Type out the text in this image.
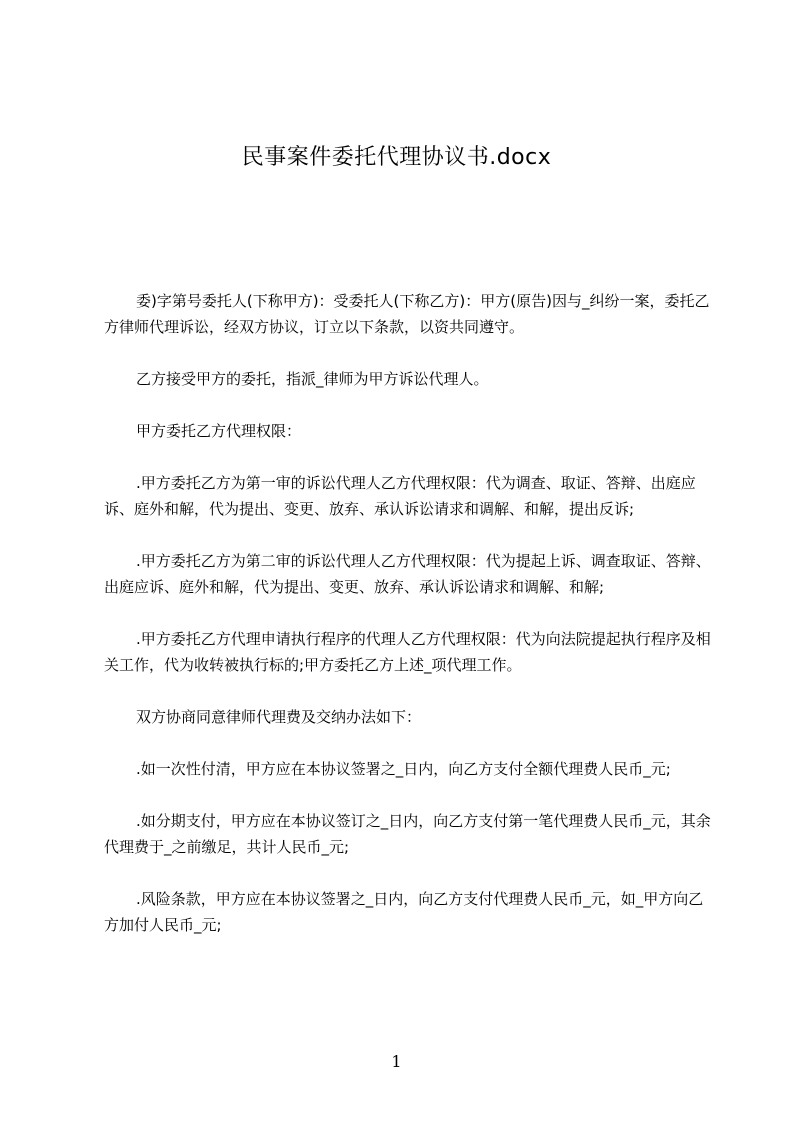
民事案件委托代理协议书.docx

委)字第号委托人(下称甲方)：受委托人(下称乙方)：甲方(原告)因与_纠纷一案，委托乙方律师代理诉讼，经双方协议，订立以下条款，以资共同遵守。

乙方接受甲方的委托，指派_律师为甲方诉讼代理人。

甲方委托乙方代理权限：

.甲方委托乙方为第一审的诉讼代理人乙方代理权限：代为调查、取证、答辩、出庭应诉、庭外和解，代为提出、变更、放弃、承认诉讼请求和调解、和解，提出反诉;

.甲方委托乙方为第二审的诉讼代理人乙方代理权限：代为提起上诉、调查取证、答辩、出庭应诉、庭外和解，代为提出、变更、放弃、承认诉讼请求和调解、和解;

.甲方委托乙方代理申请执行程序的代理人乙方代理权限：代为向法院提起执行程序及相关工作，代为收转被执行标的;甲方委托乙方上述_项代理工作。

双方协商同意律师代理费及交纳办法如下：

.如一次性付清，甲方应在本协议签署之_日内，向乙方支付全额代理费人民币_元;

.如分期支付，甲方应在本协议签订之_日内，向乙方支付第一笔代理费人民币_元，其余代理费于_之前缴足，共计人民币_元;

.风险条款，甲方应在本协议签署之_日内，向乙方支付代理费人民币_元，如_甲方向乙方加付人民币_元;

1
